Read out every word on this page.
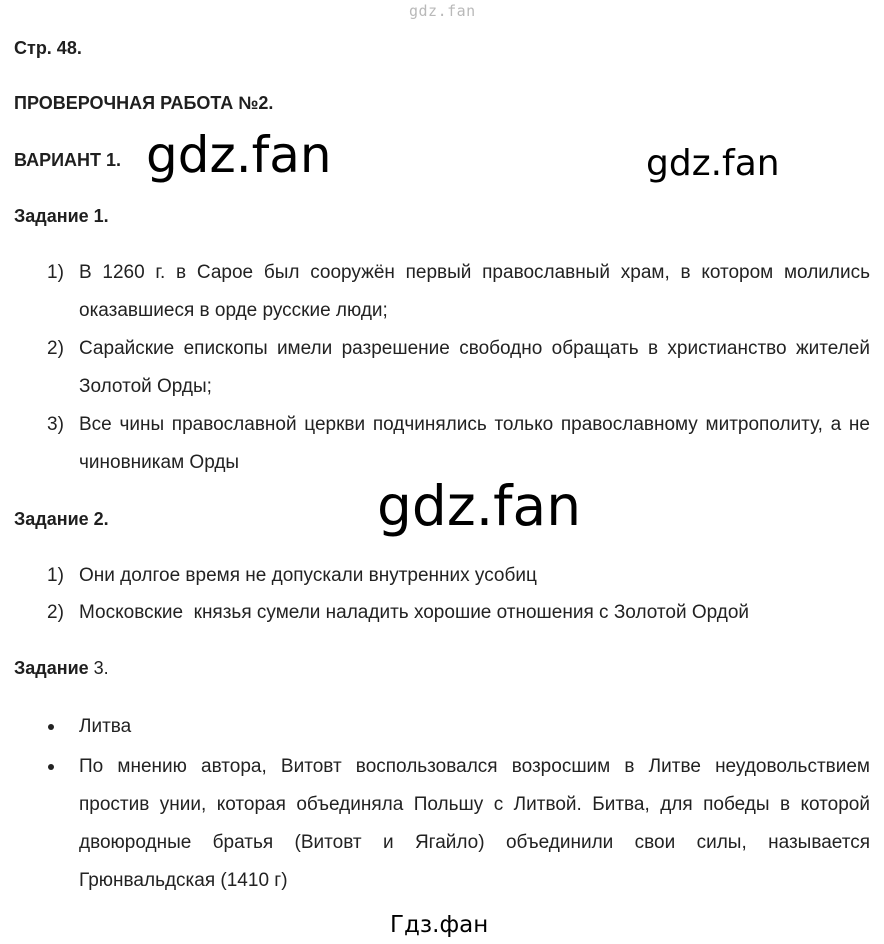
gdz.fan
Стр. 48.
ПРОВЕРОЧНАЯ РАБОТА №2.
ВАРИАНТ 1. gdz.fan	gdz.fan
Задание 1.
1) В 1260 г. в Сарое был сооружён первый православный храм, в котором молились оказавшиеся в орде русские люди;
2) Сарайские епископы имели разрешение свободно обращать в христианство жителей Золотой Орды;
3) Все чины православной церкви подчинялись только православному митрополиту, а не чиновникам Орды
gdz.fan
Задание 2.
1) Они долгое время не допускали внутренних усобиц
2) Московские  князья сумели наладить хорошие отношения с Золотой Ордой
Задание 3.
Литва
По мнению автора, Витовт воспользовался возросшим в Литве неудовольствием простив унии, которая объединяла Польшу с Литвой. Битва, для победы в которой двоюродные братья (Витовт и Ягайло) объединили свои силы, называется Грюнвальдская (1410 г)
Гдз.фан
